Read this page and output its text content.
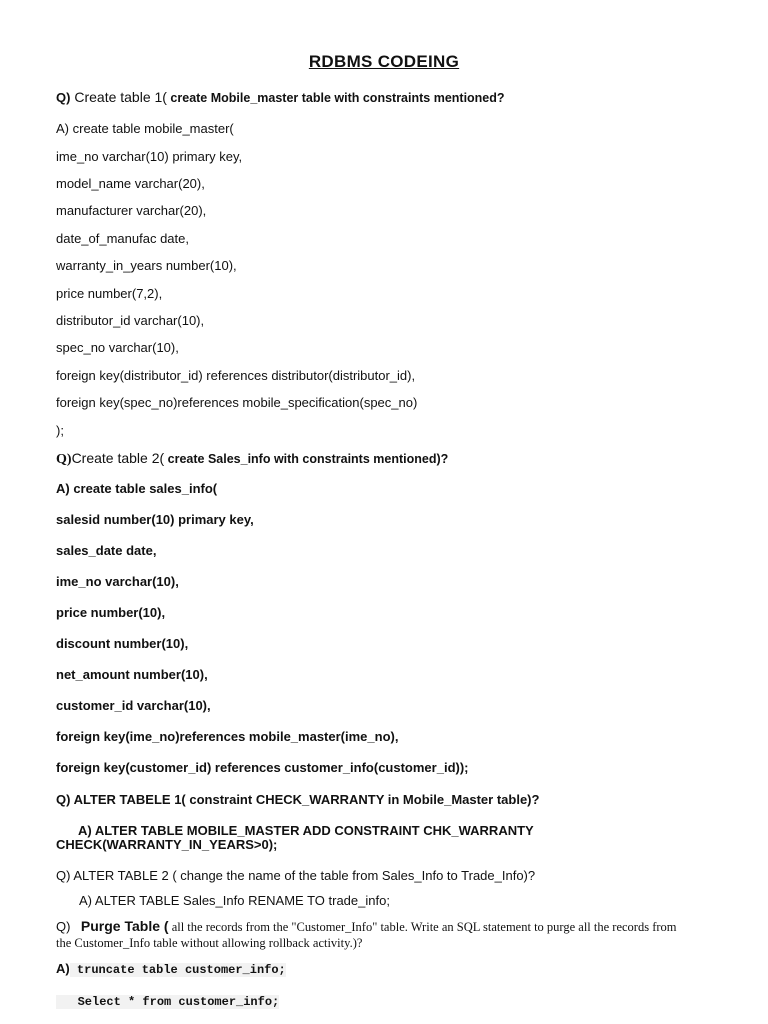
RDBMS CODEING
Q) Create table 1( create Mobile_master table with constraints mentioned?
A) create table mobile_master(
ime_no varchar(10) primary key,
model_name varchar(20),
manufacturer varchar(20),
date_of_manufac date,
warranty_in_years number(10),
price number(7,2),
distributor_id varchar(10),
spec_no varchar(10),
foreign key(distributor_id) references distributor(distributor_id),
foreign key(spec_no)references mobile_specification(spec_no)
);
Q)Create table 2( create Sales_info with constraints mentioned)?
A) create table sales_info(
salesid number(10) primary key,
sales_date date,
ime_no varchar(10),
price number(10),
discount number(10),
net_amount number(10),
customer_id varchar(10),
foreign key(ime_no)references mobile_master(ime_no),
foreign key(customer_id) references customer_info(customer_id));
Q) ALTER TABELE 1( constraint CHECK_WARRANTY in Mobile_Master table)?
A) ALTER TABLE MOBILE_MASTER ADD CONSTRAINT CHK_WARRANTY
CHECK(WARRANTY_IN_YEARS>0);
Q) ALTER TABLE 2 ( change the name of the table from Sales_Info to Trade_Info)?
A) ALTER TABLE Sales_Info RENAME TO trade_info;
Q) Purge Table ( all the records from the "Customer_Info" table. Write an SQL statement to purge all the records from
the Customer_Info table without allowing rollback activity.)?
A) truncate table customer_info;
Select * from customer_info;
